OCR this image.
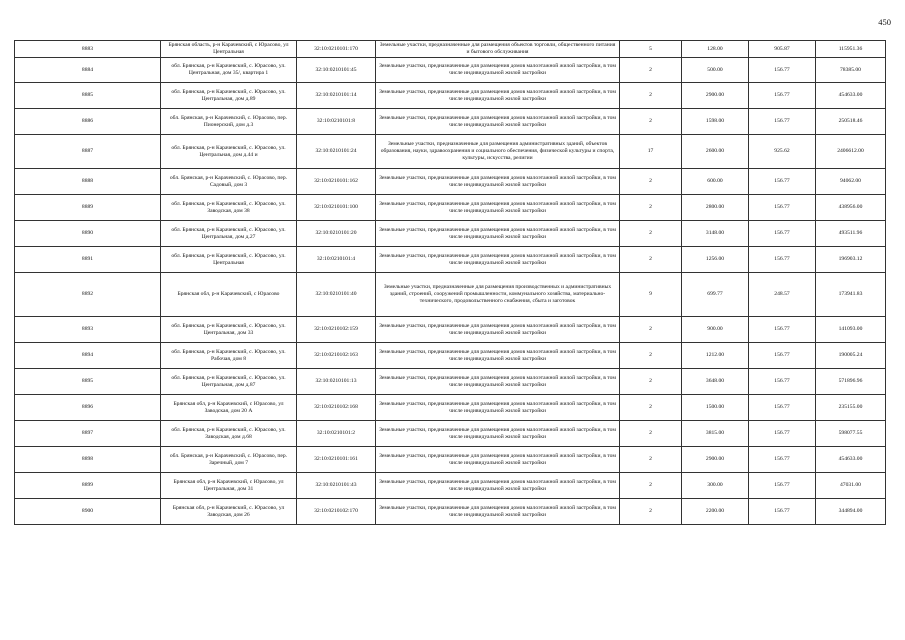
450
8883	Брянская область, р-н Карачевский, с Юрасово, ул Центральная	32:10:0210101:170	Земельные участки, предназначенные для размещения объектов торговли, общественного питания и бытового обслуживания	5	128.00	905.87	115951.36
8884	обл. Брянская, р-н Карачевский, с. Юрасово, ул. Центральная, дом 35/, квартира 1	32:10:0210101:45	Земельные участки, предназначенные для размещения домов малоэтажной жилой застройки, в том числе индивидуальной жилой застройки	2	500.00	156.77	78385.00
8885	обл. Брянская, р-н Карачевский, с. Юрасово, ул. Центральная, дом д.89	32:10:0210101:14	Земельные участки, предназначенные для размещения домов малоэтажной жилой застройки, в том числе индивидуальной жилой застройки	2	2900.00	156.77	454633.00
8886	обл. Брянская, р-н Карачевский, с. Юрасово, пер. Пионерский, дом д.3	32:10:0210101:8	Земельные участки, предназначенные для размещения домов малоэтажной жилой застройки, в том числе индивидуальной жилой застройки	2	1598.00	156.77	250518.46
8887	обл. Брянская, р-н Карачевский, с. Юрасово, ул. Центральная, дом д.44 и	32:10:0210101:24	Земельные участки, предназначенные для размещения административных зданий, объектов образования, науки, здравоохранения и социального обеспечения, физической культуры и спорта, культуры, искусства, религии	17	2600.00	925.62	2406612.00
8888	обл. Брянская, р-н Карачевский, с. Юрасово, пер. Садовый, дом 3	32:10:0210101:162	Земельные участки, предназначенные для размещения домов малоэтажной жилой застройки, в том числе индивидуальной жилой застройки	2	600.00	156.77	94062.00
8889	обл. Брянская, р-н Карачевский, с. Юрасово, ул. Заводская, дом 38	32:10:0210101:100	Земельные участки, предназначенные для размещения домов малоэтажной жилой застройки, в том числе индивидуальной жилой застройки	2	2800.00	156.77	438956.00
8890	обл. Брянская, р-н Карачевский, с. Юрасово, ул. Центральная, дом д.27	32:10:0210101:20	Земельные участки, предназначенные для размещения домов малоэтажной жилой застройки, в том числе индивидуальной жилой застройки	2	3148.00	156.77	493511.96
8891	обл. Брянская, р-н Карачевский, с. Юрасово, ул. Центральная	32:10:0210101:4	Земельные участки, предназначенные для размещения домов малоэтажной жилой застройки, в том числе индивидуальной жилой застройки	2	1256.00	156.77	196903.12
8892	Брянская обл, р-н Карачевский, с Юрасово	32:10:0210101:40	Земельные участки, предназначенные для размещения производственных и административных зданий, строений, сооружений промышленности, коммунального хозяйства, материально-технического, продовольственного снабжения, сбыта и заготовок	9	699.77	248.57	173941.83
8893	обл. Брянская, р-н Карачевский, с. Юрасово, ул. Центральная, дом 33	32:10:0210102:159	Земельные участки, предназначенные для размещения домов малоэтажной жилой застройки, в том числе индивидуальной жилой застройки	2	900.00	156.77	141093.00
8894	обл. Брянская, р-н Карачевский, с. Юрасово, ул. Рабочая, дом 8	32:10:0210102:163	Земельные участки, предназначенные для размещения домов малоэтажной жилой застройки, в том числе индивидуальной жилой застройки	2	1212.00	156.77	190005.24
8895	обл. Брянская, р-н Карачевский, с. Юрасово, ул. Центральная, дом д.87	32:10:0210101:13	Земельные участки, предназначенные для размещения домов малоэтажной жилой застройки, в том числе индивидуальной жилой застройки	2	3648.00	156.77	571896.96
8896	Брянская обл, р-н Карачевский, с Юрасово, ул Заводская, дом 20 А	32:10:0210102:168	Земельные участки, предназначенные для размещения домов малоэтажной жилой застройки, в том числе индивидуальной жилой застройки	2	1500.00	156.77	235155.00
8897	обл. Брянская, р-н Карачевский, с. Юрасово, ул. Заводская, дом д.68	32:10:0210101:2	Земельные участки, предназначенные для размещения домов малоэтажной жилой застройки, в том числе индивидуальной жилой застройки	2	3815.00	156.77	598077.55
8898	обл. Брянская, р-н Карачевский, с. Юрасово, пер. Заречный, дом 7	32:10:0210101:161	Земельные участки, предназначенные для размещения домов малоэтажной жилой застройки, в том числе индивидуальной жилой застройки	2	2900.00	156.77	454633.00
8899	Брянская обл, р-н Карачевский, с Юрасово, ул Центральная, дом 31	32:10:0210101:43	Земельные участки, предназначенные для размещения домов малоэтажной жилой застройки, в том числе индивидуальной жилой застройки	2	300.00	156.77	47031.00
8900	Брянская обл, р-н Карачевский, с. Юрасово, ул Заводская, дом 26	32:10:0210102:170	Земельные участки, предназначенные для размещения домов малоэтажной жилой застройки, в том числе индивидуальной жилой застройки	2	2200.00	156.77	344894.00
